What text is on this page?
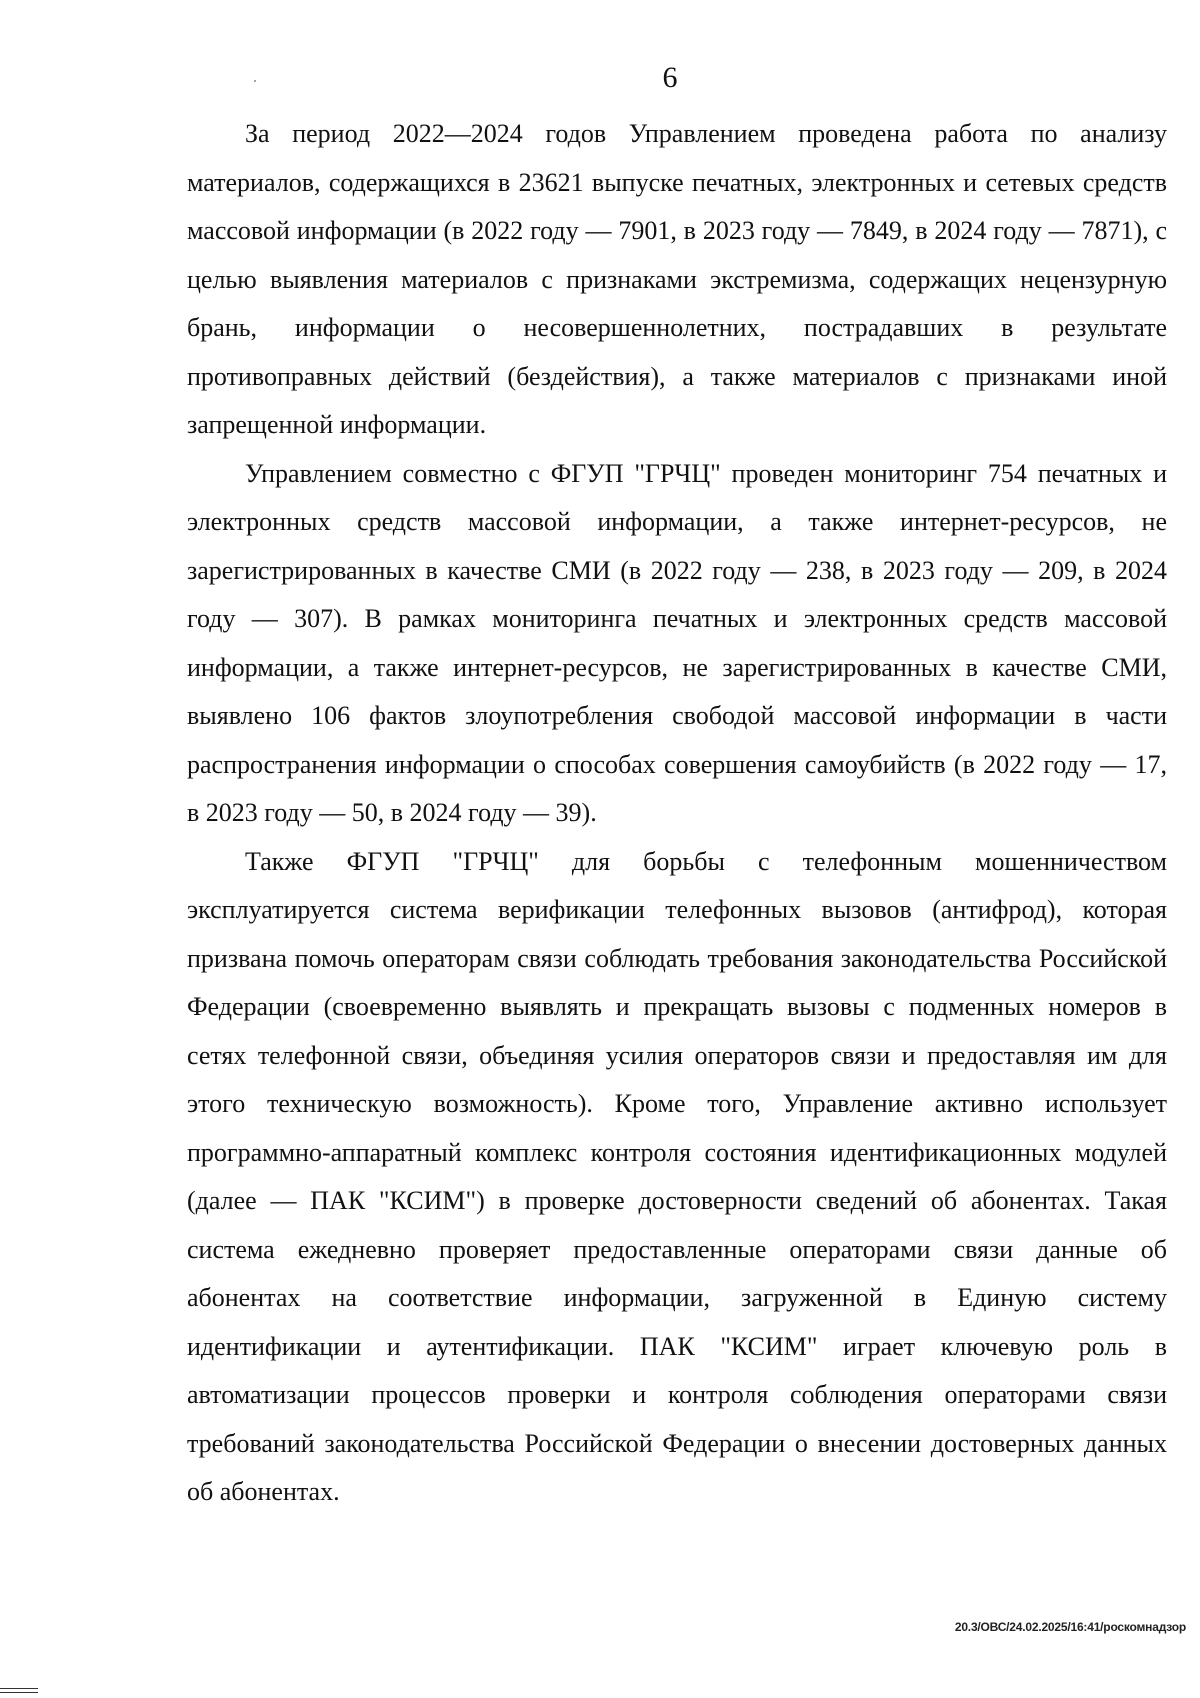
6

За период 2022—2024 годов Управлением проведена работа по анализу материалов, содержащихся в 23621 выпуске печатных, электронных и сетевых средств массовой информации (в 2022 году — 7901, в 2023 году — 7849, в 2024 году — 7871), с целью выявления материалов с признаками экстремизма, содержащих нецензурную брань, информации о несовершеннолетних, пострадавших в результате противоправных действий (бездействия), а также материалов с признаками иной запрещенной информации.

Управлением совместно с ФГУП "ГРЧЦ" проведен мониторинг 754 печатных и электронных средств массовой информации, а также интернет-ресурсов, не зарегистрированных в качестве СМИ (в 2022 году — 238, в 2023 году — 209, в 2024 году — 307). В рамках мониторинга печатных и электронных средств массовой информации, а также интернет-ресурсов, не зарегистрированных в качестве СМИ, выявлено 106 фактов злоупотребления свободой массовой информации в части распространения информации о способах совершения самоубийств (в 2022 году — 17, в 2023 году — 50, в 2024 году — 39).

Также ФГУП "ГРЧЦ" для борьбы с телефонным мошенничеством эксплуатируется система верификации телефонных вызовов (антифрод), которая призвана помочь операторам связи соблюдать требования законодательства Российской Федерации (своевременно выявлять и прекращать вызовы с подменных номеров в сетях телефонной связи, объединяя усилия операторов связи и предоставляя им для этого техническую возможность). Кроме того, Управление активно использует программно-аппаратный комплекс контроля состояния идентификационных модулей (далее — ПАК "КСИМ") в проверке достоверности сведений об абонентах. Такая система ежедневно проверяет предоставленные операторами связи данные об абонентах на соответствие информации, загруженной в Единую систему идентификации и аутентификации. ПАК "КСИМ" играет ключевую роль в автоматизации процессов проверки и контроля соблюдения операторами связи требований законодательства Российской Федерации о внесении достоверных данных об абонентах.

20.3/ОВС/24.02.2025/16:41/роскомнадзор
